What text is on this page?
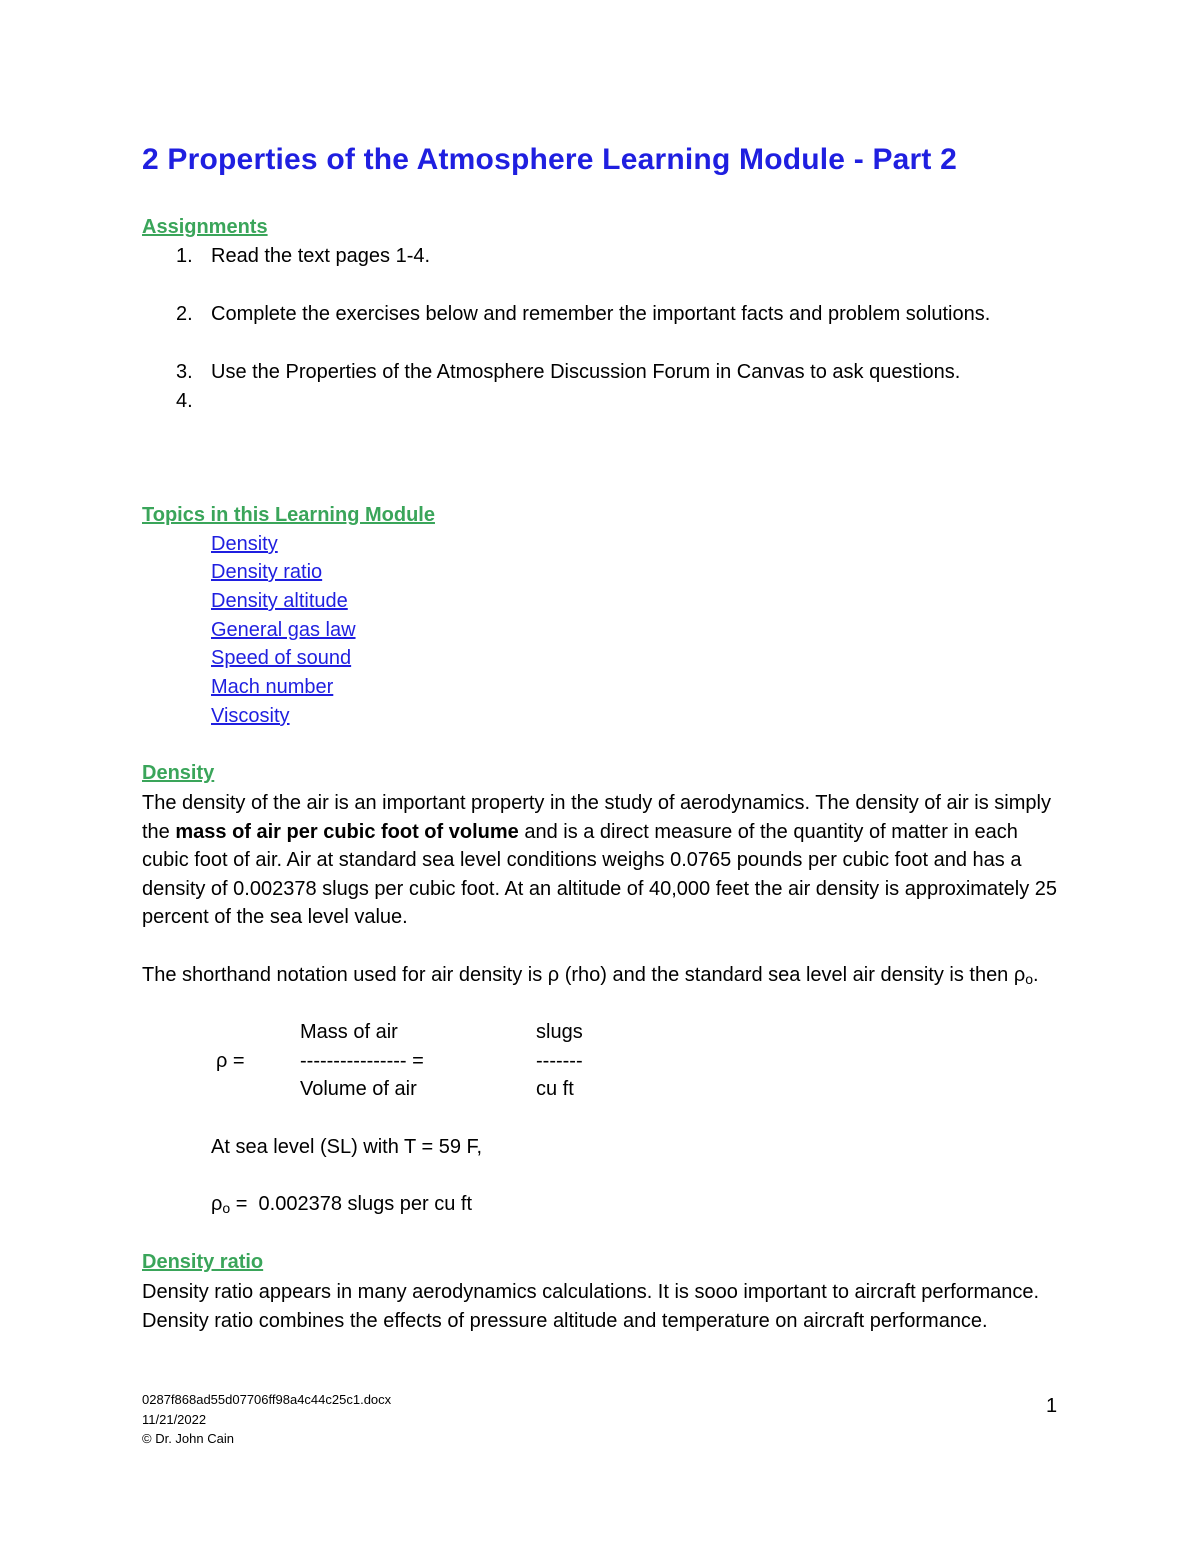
2 Properties of the Atmosphere Learning Module - Part 2
Assignments
1. Read the text pages 1-4.
2. Complete the exercises below and remember the important facts and problem solutions.
3. Use the Properties of the Atmosphere Discussion Forum in Canvas to ask questions.
4.
Topics in this Learning Module
Density
Density ratio
Density altitude
General gas law
Speed of sound
Mach number
Viscosity
Density
The density of the air is an important property in the study of aerodynamics. The density of air is simply the mass of air per cubic foot of volume and is a direct measure of the quantity of matter in each cubic foot of air. Air at standard sea level conditions weighs 0.0765 pounds per cubic foot and has a density of 0.002378 slugs per cubic foot. At an altitude of 40,000 feet the air density is approximately 25 percent of the sea level value.
The shorthand notation used for air density is ρ (rho) and the standard sea level air density is then $\rho_o$.
Mass of air	slugs
ρ =	---------------- =	-------
Volume of air	cu ft
At sea level (SL) with T = 59 F,
$\rho_o = 0.002378$ slugs per cu ft
Density ratio
Density ratio appears in many aerodynamics calculations. It is sooo important to aircraft performance. Density ratio combines the effects of pressure altitude and temperature on aircraft performance.
0287f868ad55d07706ff98a4c44c25c1.docx
11/21/2022
© Dr. John Cain
1
